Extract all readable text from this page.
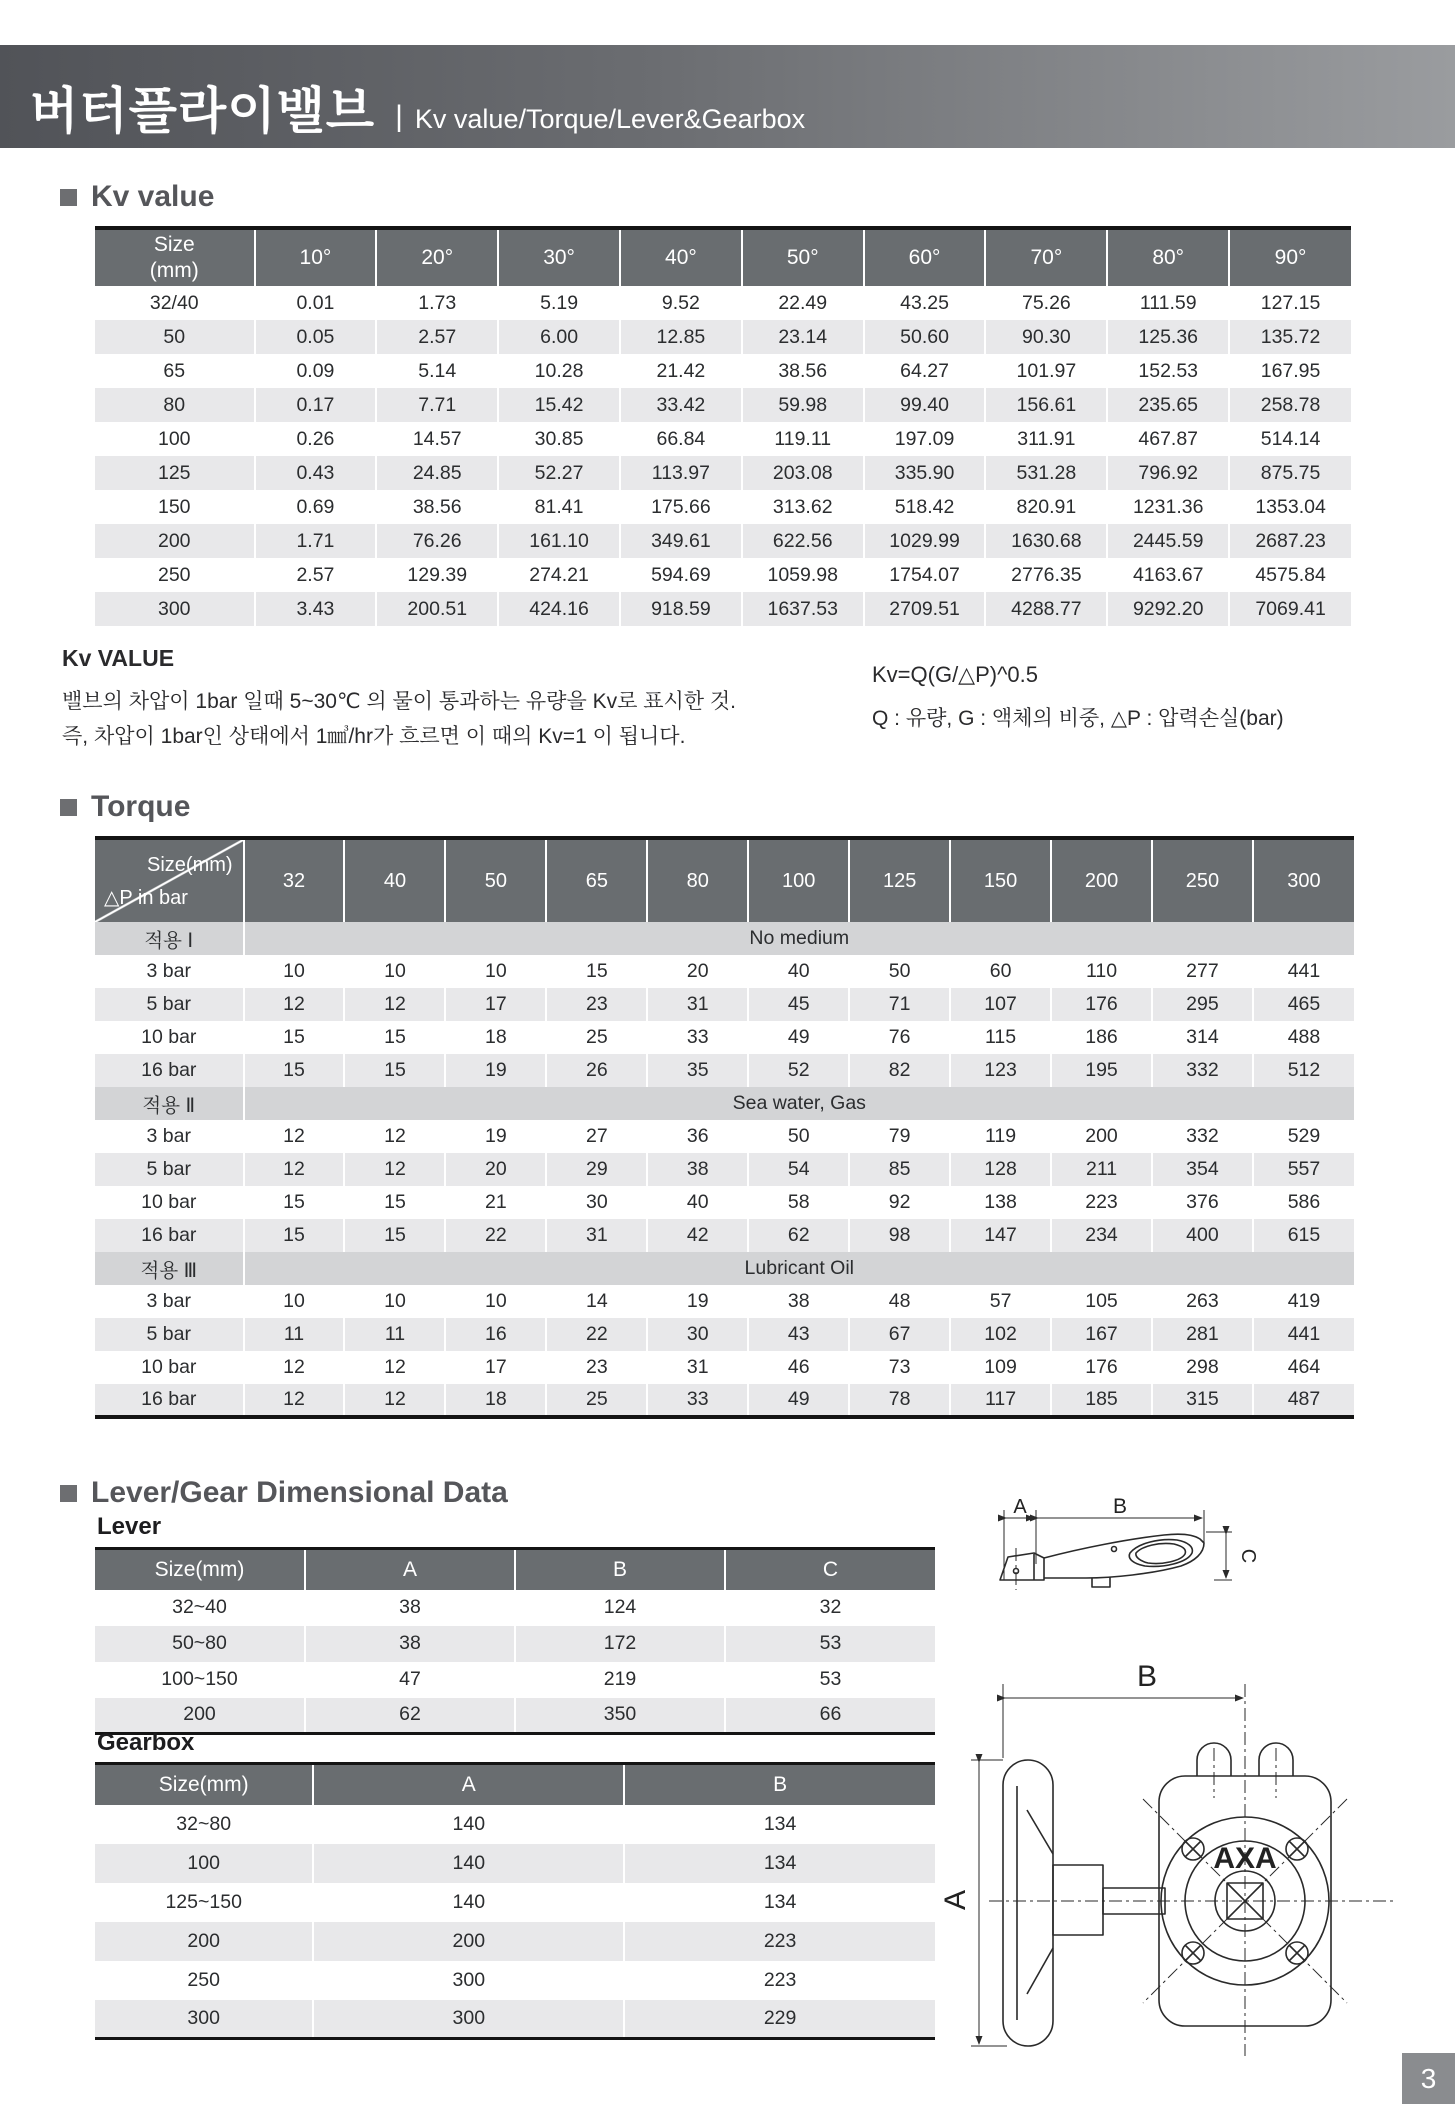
버터플라이밸브 | Kv value/Torque/Lever&Gearbox
Kv value
Size
(mm)	10°	20°	30°	40°	50°	60°	70°	80°	90°
32/40	0.01	1.73	5.19	9.52	22.49	43.25	75.26	111.59	127.15
50	0.05	2.57	6.00	12.85	23.14	50.60	90.30	125.36	135.72
65	0.09	5.14	10.28	21.42	38.56	64.27	101.97	152.53	167.95
80	0.17	7.71	15.42	33.42	59.98	99.40	156.61	235.65	258.78
100	0.26	14.57	30.85	66.84	119.11	197.09	311.91	467.87	514.14
125	0.43	24.85	52.27	113.97	203.08	335.90	531.28	796.92	875.75
150	0.69	38.56	81.41	175.66	313.62	518.42	820.91	1231.36	1353.04
200	1.71	76.26	161.10	349.61	622.56	1029.99	1630.68	2445.59	2687.23
250	2.57	129.39	274.21	594.69	1059.98	1754.07	2776.35	4163.67	4575.84
300	3.43	200.51	424.16	918.59	1637.53	2709.51	4288.77	9292.20	7069.41
Kv VALUE
밸브의 차압이 1bar 일때 5~30℃ 의 물이 통과하는 유량을 Kv로 표시한 것.
즉, 차압이 1bar인 상태에서 1㎣/hr가 흐르면 이 때의 Kv=1 이 됩니다.
Kv=Q(G/△P)^0.5
Q : 유량, G : 액체의 비중, △P : 압력손실(bar)
Torque

Size(mm)

△P in bar	32	40	50	65	80	100	125	150	200	250	300
적용 Ⅰ	No medium										
3 bar	10	10	10	15	20	40	50	60	110	277	441
5 bar	12	12	17	23	31	45	71	107	176	295	465
10 bar	15	15	18	25	33	49	76	115	186	314	488
16 bar	15	15	19	26	35	52	82	123	195	332	512
적용 Ⅱ	Sea water, Gas										
3 bar	12	12	19	27	36	50	79	119	200	332	529
5 bar	12	12	20	29	38	54	85	128	211	354	557
10 bar	15	15	21	30	40	58	92	138	223	376	586
16 bar	15	15	22	31	42	62	98	147	234	400	615
적용 Ⅲ	Lubricant Oil										
3 bar	10	10	10	14	19	38	48	57	105	263	419
5 bar	11	11	16	22	30	43	67	102	167	281	441
10 bar	12	12	17	23	31	46	73	109	176	298	464
16 bar	12	12	18	25	33	49	78	117	185	315	487
Lever/Gear Dimensional Data
Lever
Size(mm)	A	B	C
32~40	38	124	32
50~80	38	172	53
100~150	47	219	53
200	62	350	66
Gearbox
Size(mm)	A	B
32~80	140	134
100	140	134
125~150	140	134
200	200	223
250	300	223
300	300	229
A	B
C
B
A
AXA
3
